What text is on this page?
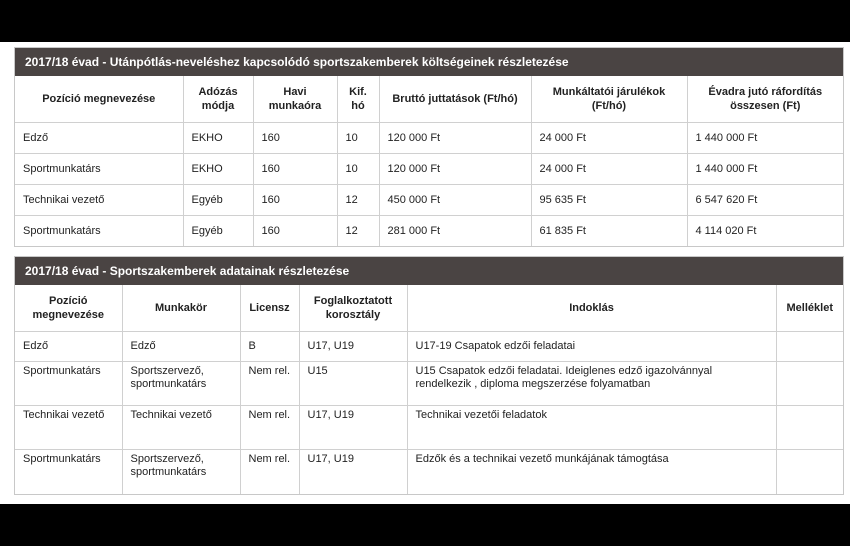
2017/18 évad - Utánpótlás-neveléshez kapcsolódó sportszakemberek költségeinek részletezése
Pozíció megnevezése	Adózás módja	Havi munkaóra	Kif. hó	Bruttó juttatások (Ft/hó)	Munkáltatói járulékok (Ft/hó)	Évadra jutó ráfordítás összesen (Ft)
Edző	EKHO	160	10	120 000 Ft	24 000 Ft	1 440 000 Ft
Sportmunkatárs	EKHO	160	10	120 000 Ft	24 000 Ft	1 440 000 Ft
Technikai vezető	Egyéb	160	12	450 000 Ft	95 635 Ft	6 547 620 Ft
Sportmunkatárs	Egyéb	160	12	281 000 Ft	61 835 Ft	4 114 020 Ft
2017/18 évad - Sportszakemberek adatainak részletezése
Pozíció megnevezése	Munkakör	Licensz	Foglalkoztatott korosztály	Indoklás	Melléklet
Edző	Edző	B	U17, U19	U17-19 Csapatok edzői feladatai	
Sportmunkatárs	Sportszervező, sportmunkatárs	Nem rel.	U15	U15 Csapatok edzői feladatai. Ideiglenes edző igazolvánnyal rendelkezik , diploma megszerzése folyamatban	
Technikai vezető	Technikai vezető	Nem rel.	U17, U19	Technikai vezetői feladatok	
Sportmunkatárs	Sportszervező, sportmunkatárs	Nem rel.	U17, U19	Edzők és a technikai vezető munkájának támogtása	
